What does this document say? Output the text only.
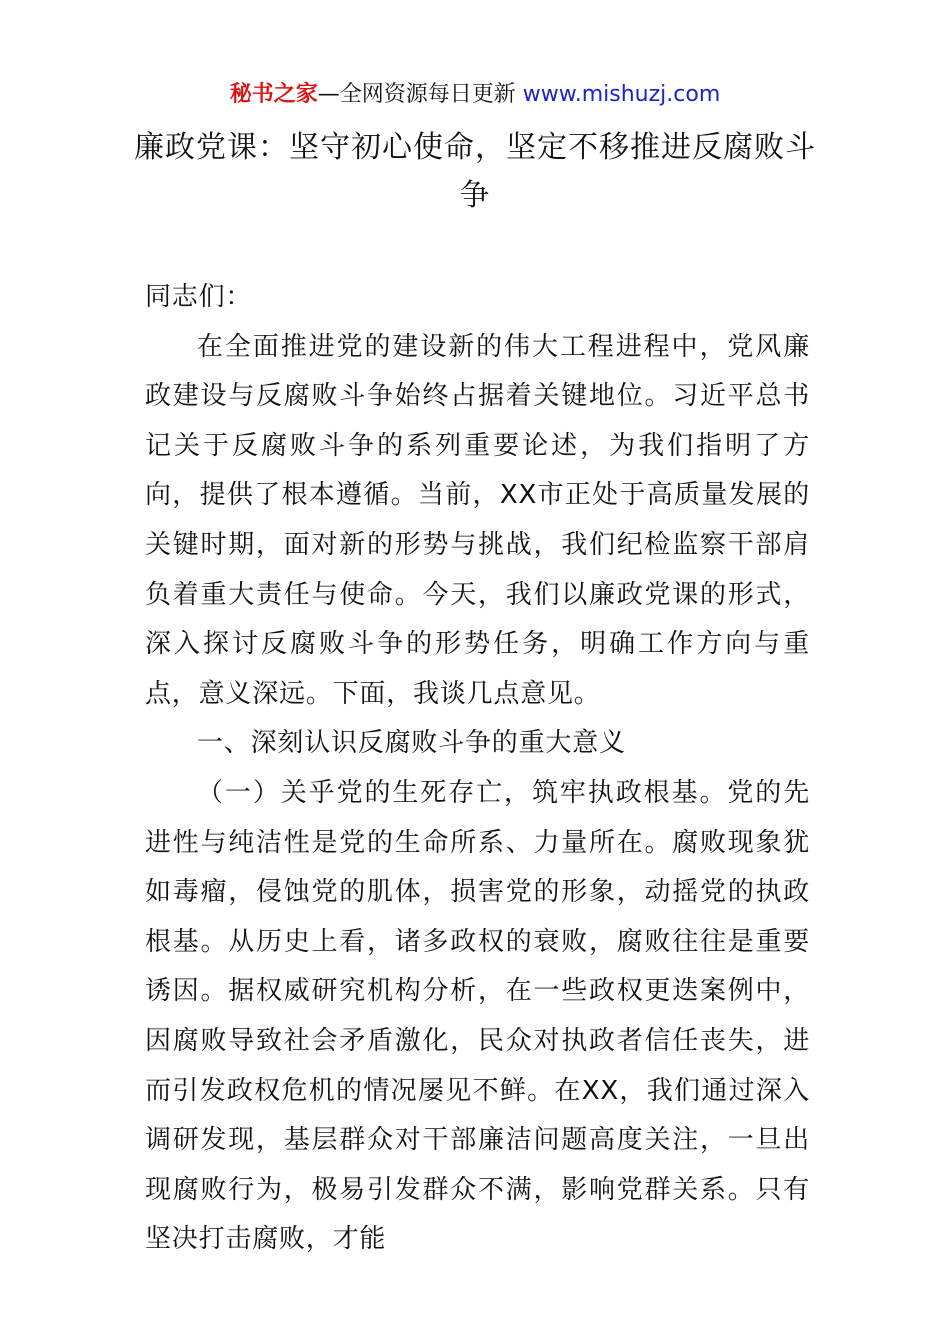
秘书之家—全网资源每日更新 www.mishuzj.com
廉政党课：坚守初心使命，坚定不移推进反腐败斗争

同志们：

在全面推进党的建设新的伟大工程进程中，党风廉政建设与反腐败斗争始终占据着关键地位。习近平总书记关于反腐败斗争的系列重要论述，为我们指明了方向，提供了根本遵循。当前，XX市正处于高质量发展的关键时期，面对新的形势与挑战，我们纪检监察干部肩负着重大责任与使命。今天，我们以廉政党课的形式，深入探讨反腐败斗争的形势任务，明确工作方向与重点，意义深远。下面，我谈几点意见。

一、深刻认识反腐败斗争的重大意义

（一）关乎党的生死存亡，筑牢执政根基。党的先进性与纯洁性是党的生命所系、力量所在。腐败现象犹如毒瘤，侵蚀党的肌体，损害党的形象，动摇党的执政根基。从历史上看，诸多政权的衰败，腐败往往是重要诱因。据权威研究机构分析，在一些政权更迭案例中，因腐败导致社会矛盾激化，民众对执政者信任丧失，进而引发政权危机的情况屡见不鲜。在XX，我们通过深入调研发现，基层群众对干部廉洁问题高度关注，一旦出现腐败行为，极易引发群众不满，影响党群关系。只有坚决打击腐败，才能
